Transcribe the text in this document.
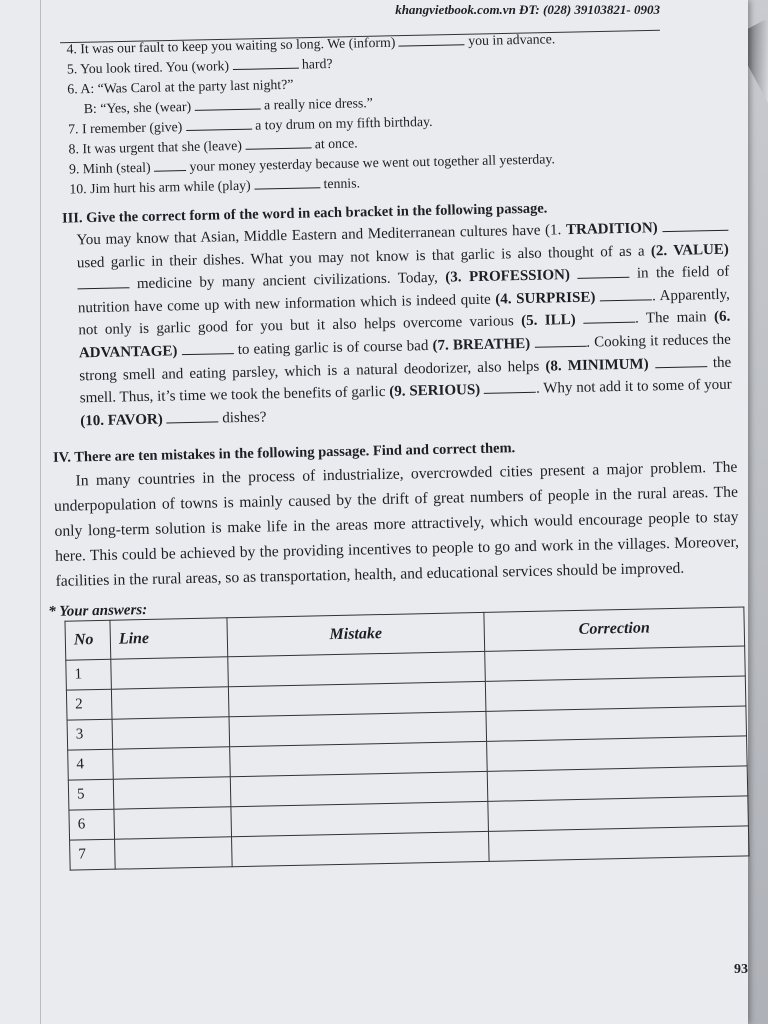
khangvietbook.com.vn ĐT: (028) 39103821- 0903
4. It was our fault to keep you waiting so long. We (inform)	you in advance.
5. You look tired. You (work)	hard?
6. A: “Was Carol at the party last night?”
B: “Yes, she (wear)	a really nice dress.”
7. I remember (give)	a toy drum on my fifth birthday.
8. It was urgent that she (leave)	at once.
9. Minh (steal)	your money yesterday because we went out together all yesterday.
10. Jim hurt his arm while (play)	tennis.
III. Give the correct form of the word in each bracket in the following passage.
You may know that Asian, Middle Eastern and Mediterranean cultures have (1. TRADITION)  used garlic in their dishes. What you may not know is that garlic is also thought of as a (2. VALUE)  medicine by many ancient civilizations. Today, (3. PROFESSION)	in the field of nutrition have come up with new information which is indeed quite (4. SURPRISE)	. Apparently, not only is garlic good for you but it also helps overcome various (5. ILL)	. The main (6. ADVANTAGE)	to eating garlic is of course bad (7. BREATHE)	. Cooking it reduces the strong smell and eating parsley, which is a natural deodorizer, also helps (8. MINIMUM)	the smell. Thus, it’s time we took the benefits of garlic (9. SERIOUS)	. Why not add it to some of your (10. FAVOR)	dishes?
IV. There are ten mistakes in the following passage. Find and correct them.
In many countries in the process of industrialize, overcrowded cities present a major problem. The underpopulation of towns is mainly caused by the drift of great numbers of people in the rural areas. The only long-term solution is make life in the areas more attractively, which would encourage people to stay here. This could be achieved by the providing incentives to people to go and work in the villages. Moreover, facilities in the rural areas, so as transportation, health, and educational services should be improved.
* Your answers:
No	Line	Mistake	Correction
1			
2			
3			
4			
5			
6			
7			
93
